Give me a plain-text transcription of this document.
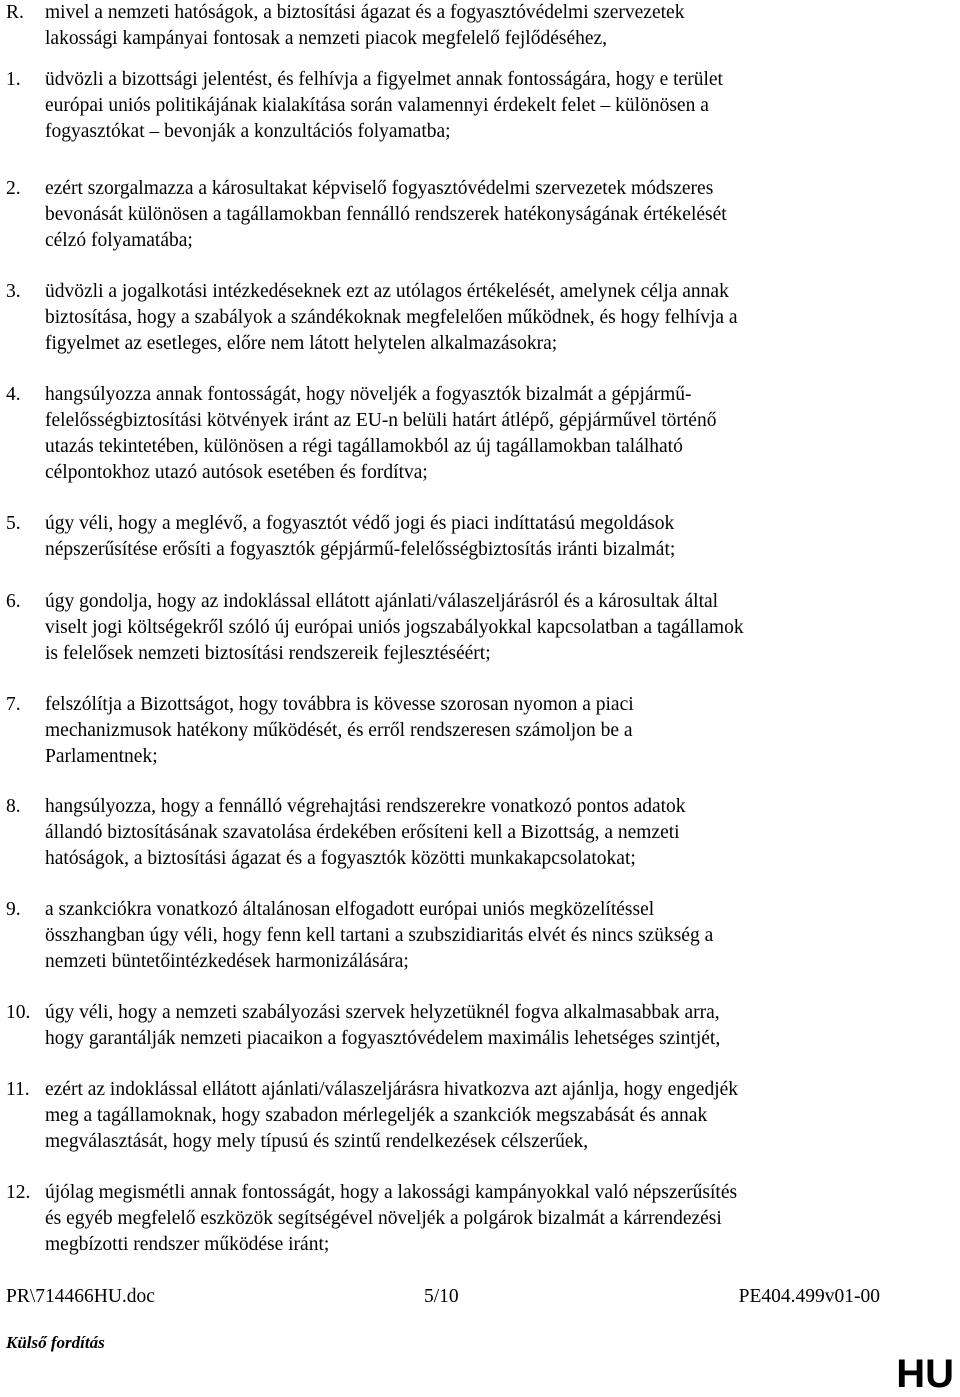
R.	mivel a nemzeti hatóságok, a biztosítási ágazat és a fogyasztóvédelmi szervezetek
lakossági kampányai fontosak a nemzeti piacok megfelelő fejlődéséhez,
1.	üdvözli a bizottsági jelentést, és felhívja a figyelmet annak fontosságára, hogy e terület
európai uniós politikájának kialakítása során valamennyi érdekelt felet – különösen a
fogyasztókat – bevonják a konzultációs folyamatba;
2.	ezért szorgalmazza a károsultakat képviselő fogyasztóvédelmi szervezetek módszeres
bevonását különösen a tagállamokban fennálló rendszerek hatékonyságának értékelését
célzó folyamatába;
3.	üdvözli a jogalkotási intézkedéseknek ezt az utólagos értékelését, amelynek célja annak
biztosítása, hogy a szabályok a szándékoknak megfelelően működnek, és hogy felhívja a
figyelmet az esetleges, előre nem látott helytelen alkalmazásokra;
4.	hangsúlyozza annak fontosságát, hogy növeljék a fogyasztók bizalmát a gépjármű-
felelősségbiztosítási kötvények iránt az EU-n belüli határt átlépő, gépjárművel történő
utazás tekintetében, különösen a régi tagállamokból az új tagállamokban található
célpontokhoz utazó autósok esetében és fordítva;
5.	úgy véli, hogy a meglévő, a fogyasztót védő jogi és piaci indíttatású megoldások
népszerűsítése erősíti a fogyasztók gépjármű-felelősségbiztosítás iránti bizalmát;
6.	úgy gondolja, hogy az indoklással ellátott ajánlati/válaszeljárásról és a károsultak által
viselt jogi költségekről szóló új európai uniós jogszabályokkal kapcsolatban a tagállamok
is felelősek nemzeti biztosítási rendszereik fejlesztéséért;
7.	felszólítja a Bizottságot, hogy továbbra is kövesse szorosan nyomon a piaci
mechanizmusok hatékony működését, és erről rendszeresen számoljon be a
Parlamentnek;
8.	hangsúlyozza, hogy a fennálló végrehajtási rendszerekre vonatkozó pontos adatok
állandó biztosításának szavatolása érdekében erősíteni kell a Bizottság, a nemzeti
hatóságok, a biztosítási ágazat és a fogyasztók közötti munkakapcsolatokat;
9.	a szankciókra vonatkozó általánosan elfogadott európai uniós megközelítéssel
összhangban úgy véli, hogy fenn kell tartani a szubszidiaritás elvét és nincs szükség a
nemzeti büntetőintézkedések harmonizálására;
10. úgy véli, hogy a nemzeti szabályozási szervek helyzetüknél fogva alkalmasabbak arra,
hogy garantálják nemzeti piacaikon a fogyasztóvédelem maximális lehetséges szintjét,
11. ezért az indoklással ellátott ajánlati/válaszeljárásra hivatkozva azt ajánlja, hogy engedjék
meg a tagállamoknak, hogy szabadon mérlegeljék a szankciók megszabását és annak
megválasztását, hogy mely típusú és szintű rendelkezések célszerűek,
12. újólag megismétli annak fontosságát, hogy a lakossági kampányokkal való népszerűsítés
és egyéb megfelelő eszközök segítségével növeljék a polgárok bizalmát a kárrendezési
megbízotti rendszer működése iránt;
PR\714466HU.doc	5/10	PE404.499v01-00
Külső fordítás
HU
